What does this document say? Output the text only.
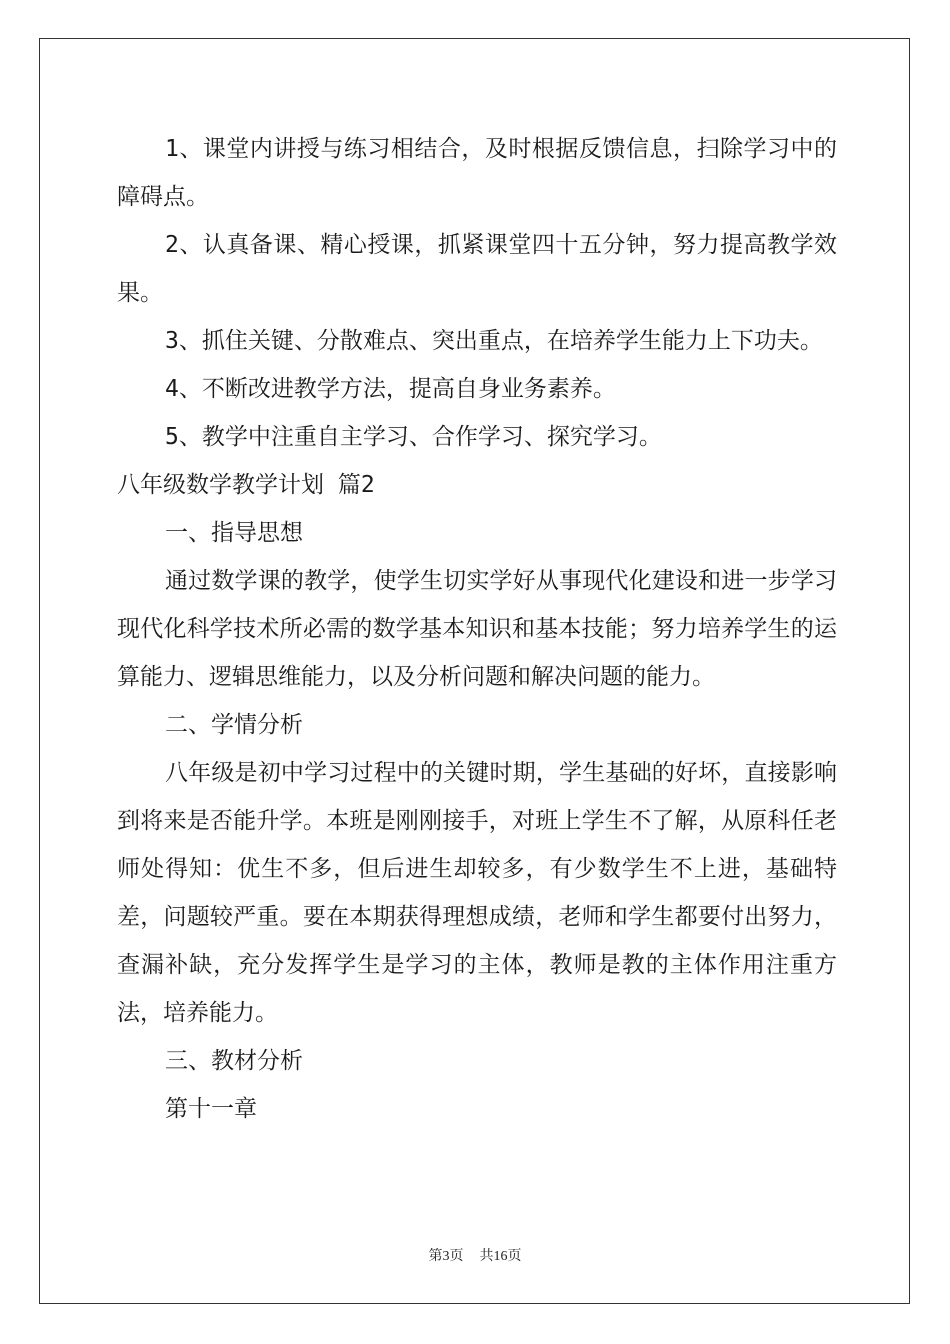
1、课堂内讲授与练习相结合，及时根据反馈信息，扫除学习中的障碍点。

2、认真备课、精心授课，抓紧课堂四十五分钟，努力提高教学效果。

3、抓住关键、分散难点、突出重点，在培养学生能力上下功夫。

4、不断改进教学方法，提高自身业务素养。

5、教学中注重自主学习、合作学习、探究学习。

八年级数学教学计划 篇2

一、指导思想

通过数学课的教学，使学生切实学好从事现代化建设和进一步学习现代化科学技术所必需的数学基本知识和基本技能；努力培养学生的运算能力、逻辑思维能力，以及分析问题和解决问题的能力。

二、学情分析

八年级是初中学习过程中的关键时期，学生基础的好坏，直接影响到将来是否能升学。本班是刚刚接手，对班上学生不了解，从原科任老师处得知：优生不多，但后进生却较多，有少数学生不上进，基础特差，问题较严重。要在本期获得理想成绩，老师和学生都要付出努力，查漏补缺，充分发挥学生是学习的主体，教师是教的主体作用注重方法，培养能力。

三、教材分析

第十一章

第3页 共16页
